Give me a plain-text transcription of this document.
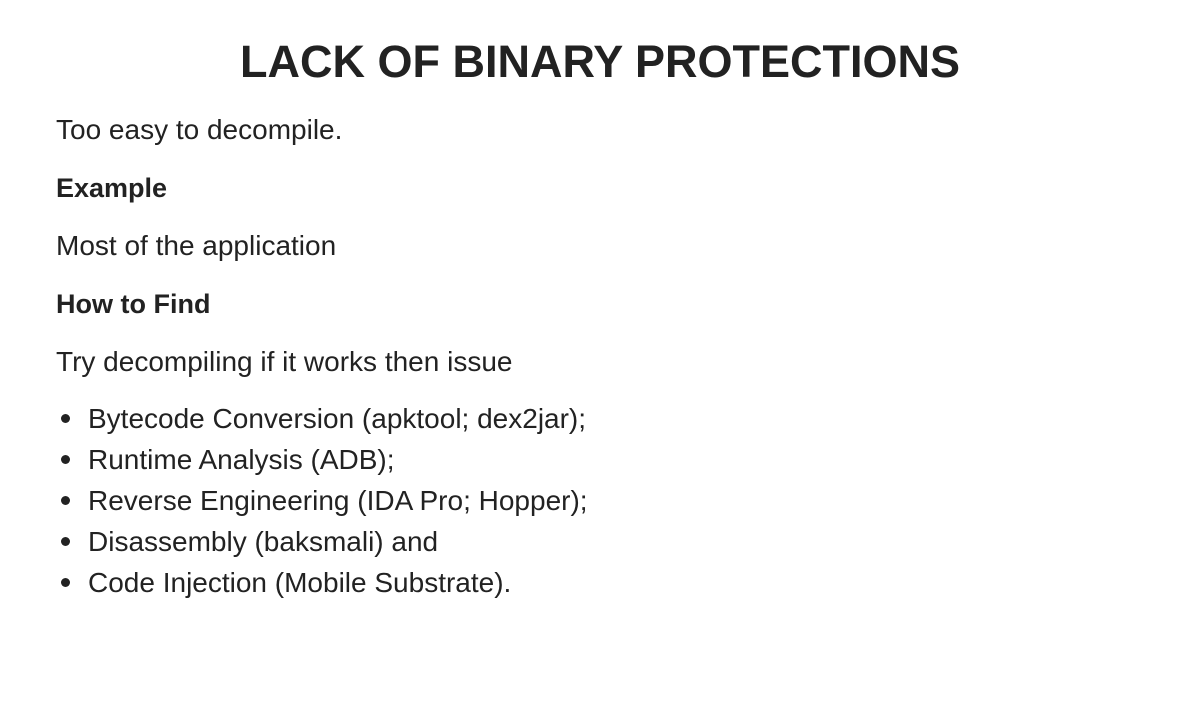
LACK OF BINARY PROTECTIONS

Too easy to decompile.

Example

Most of the application

How to Find

Try decompiling if it works then issue

Bytecode Conversion (apktool; dex2jar);
Runtime Analysis (ADB);
Reverse Engineering (IDA Pro; Hopper);
Disassembly (baksmali) and
Code Injection (Mobile Substrate).
